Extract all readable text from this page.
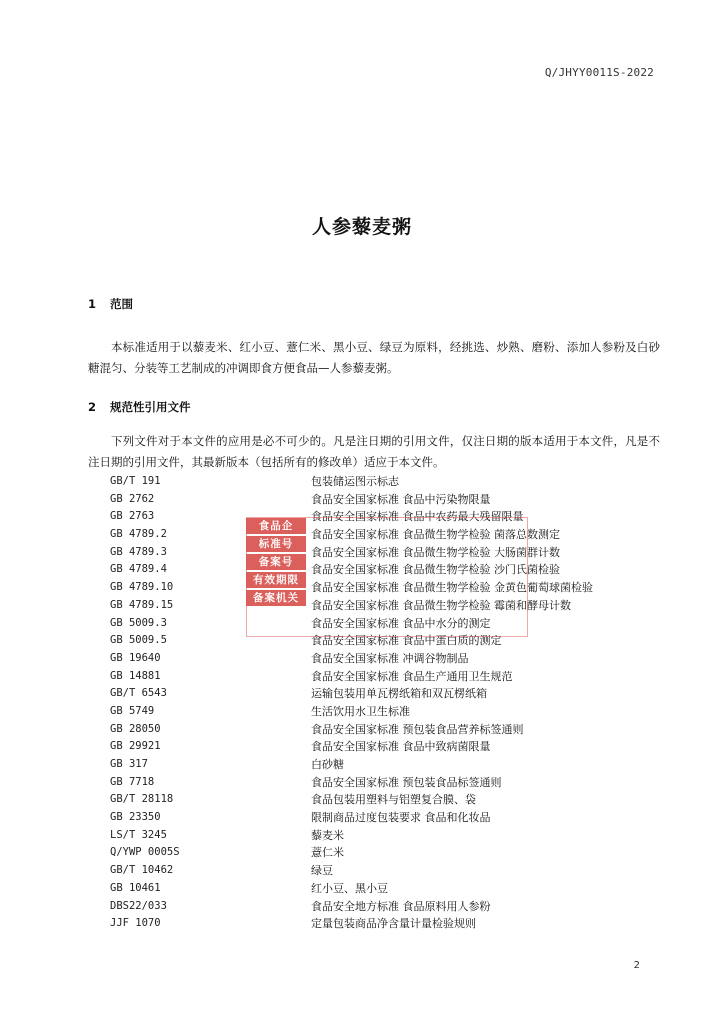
Q/JHYY0011S-2022
人参藜麦粥
1 范围
本标准适用于以藜麦米、红小豆、薏仁米、黑小豆、绿豆为原料，经挑选、炒熟、磨粉、添加人参粉及白砂糖混匀、分装等工艺制成的冲调即食方便食品—人参藜麦粥。
2 规范性引用文件
下列文件对于本文件的应用是必不可少的。凡是注日期的引用文件，仅注日期的版本适用于本文件，凡是不注日期的引用文件，其最新版本（包括所有的修改单）适应于本文件。
GB/T 191	包装储运图示标志
GB 2762	食品安全国家标准 食品中污染物限量
GB 2763	食品安全国家标准 食品中农药最大残留限量
GB 4789.2	食品安全国家标准 食品微生物学检验 菌落总数测定
GB 4789.3	食品安全国家标准 食品微生物学检验 大肠菌群计数
GB 4789.4	食品安全国家标准 食品微生物学检验 沙门氏菌检验
GB 4789.10	食品安全国家标准 食品微生物学检验 金黄色葡萄球菌检验
GB 4789.15	食品安全国家标准 食品微生物学检验 霉菌和酵母计数
GB 5009.3	食品安全国家标准 食品中水分的测定
GB 5009.5	食品安全国家标准 食品中蛋白质的测定
GB 19640	食品安全国家标准 冲调谷物制品
GB 14881	食品安全国家标准 食品生产通用卫生规范
GB/T 6543	运输包装用单瓦楞纸箱和双瓦楞纸箱
GB 5749	生活饮用水卫生标准
GB 28050	食品安全国家标准 预包装食品营养标签通则
GB 29921	食品安全国家标准 食品中致病菌限量
GB 317	白砂糖
GB 7718	食品安全国家标准 预包装食品标签通则
GB/T 28118	食品包装用塑料与铝塑复合膜、袋
GB 23350	限制商品过度包装要求 食品和化妆品
LS/T 3245	藜麦米
Q/YWP 0005S	薏仁米
GB/T 10462	绿豆
GB 10461	红小豆、黑小豆
DBS22/033	食品安全地方标准 食品原料用人参粉
JJF 1070	定量包装商品净含量计量检验规则
食品企
标准号
备案号
有效期限
备案机关
2
